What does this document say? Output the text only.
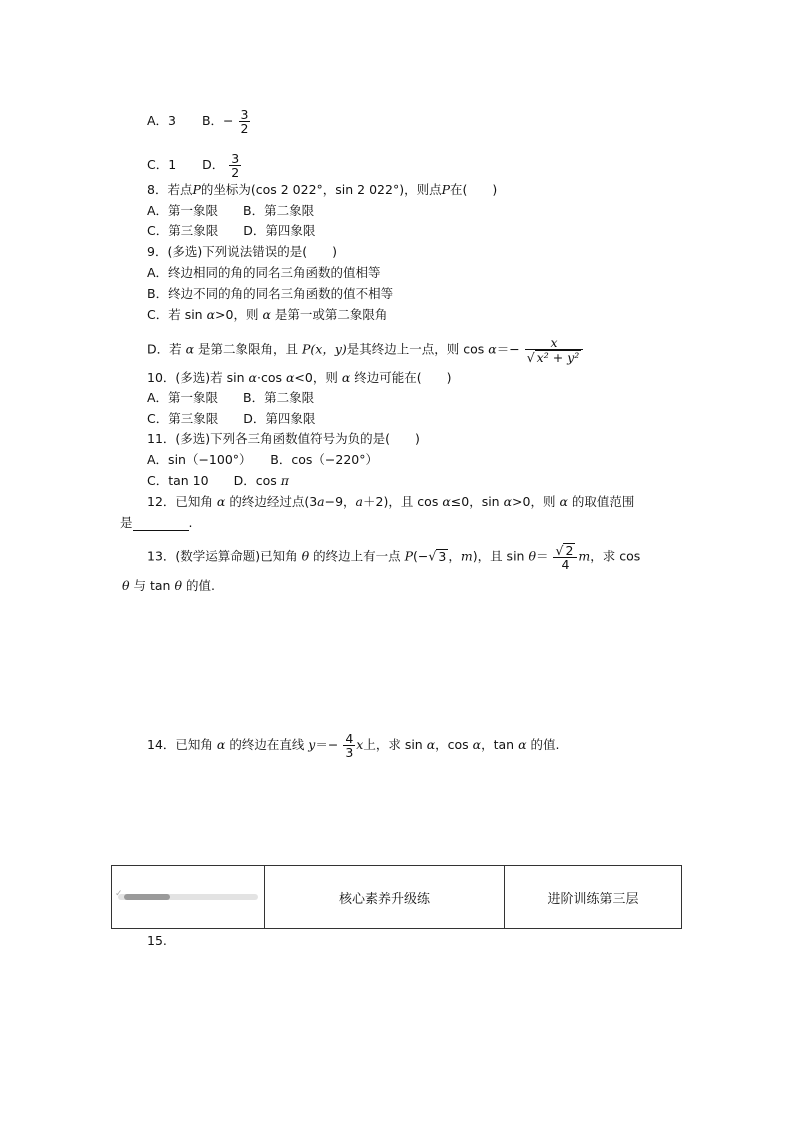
A．3 B．− $\frac{3}{2}$
C．1 D． $\frac{3}{2}$
8．若点P的坐标为(cos 2 022°，sin 2 022°)，则点P在(　　)
A．第一象限　　B．第二象限
C．第三象限　　D．第四象限
9．(多选)下列说法错误的是(　　)
A．终边相同的角的同名三角函数的值相等
B．终边不同的角的同名三角函数的值不相等
C．若 sin α>0，则 α 是第一或第二象限角
D．若 α 是第二象限角，且 P(x，y)是其终边上一点，则 $\cos \alpha=- \frac{x}{\text{√ x² + y²}}$
10．(多选)若 sin α·cos α<0，则 α 终边可能在(　　)
A．第一象限　　B．第二象限
C．第三象限　　D．第四象限
11．(多选)下列各三角函数值符号为负的是(　　)
A．sin（−100°）　　B．cos（−220°）
C．tan 10　　D．cos π
12．已知角 α 的终边经过点(3a−9，a＋2)，且 cos α≤0，sin α>0，则 α 的取值范围
是	.
13．(数学运算命题)已知角 θ 的终边上有一点 P(−√ 3 ，m)，且 $\sin \theta= \frac{√ 2}{4}$ m，求 cos
θ 与 tan θ 的值.
14．已知角 α 的终边在直线 $y=- \frac{4}{3}$ x上，求 sin α，cos α，tan α 的值.
✓	核心素养升级练	进阶训练第三层
15.
